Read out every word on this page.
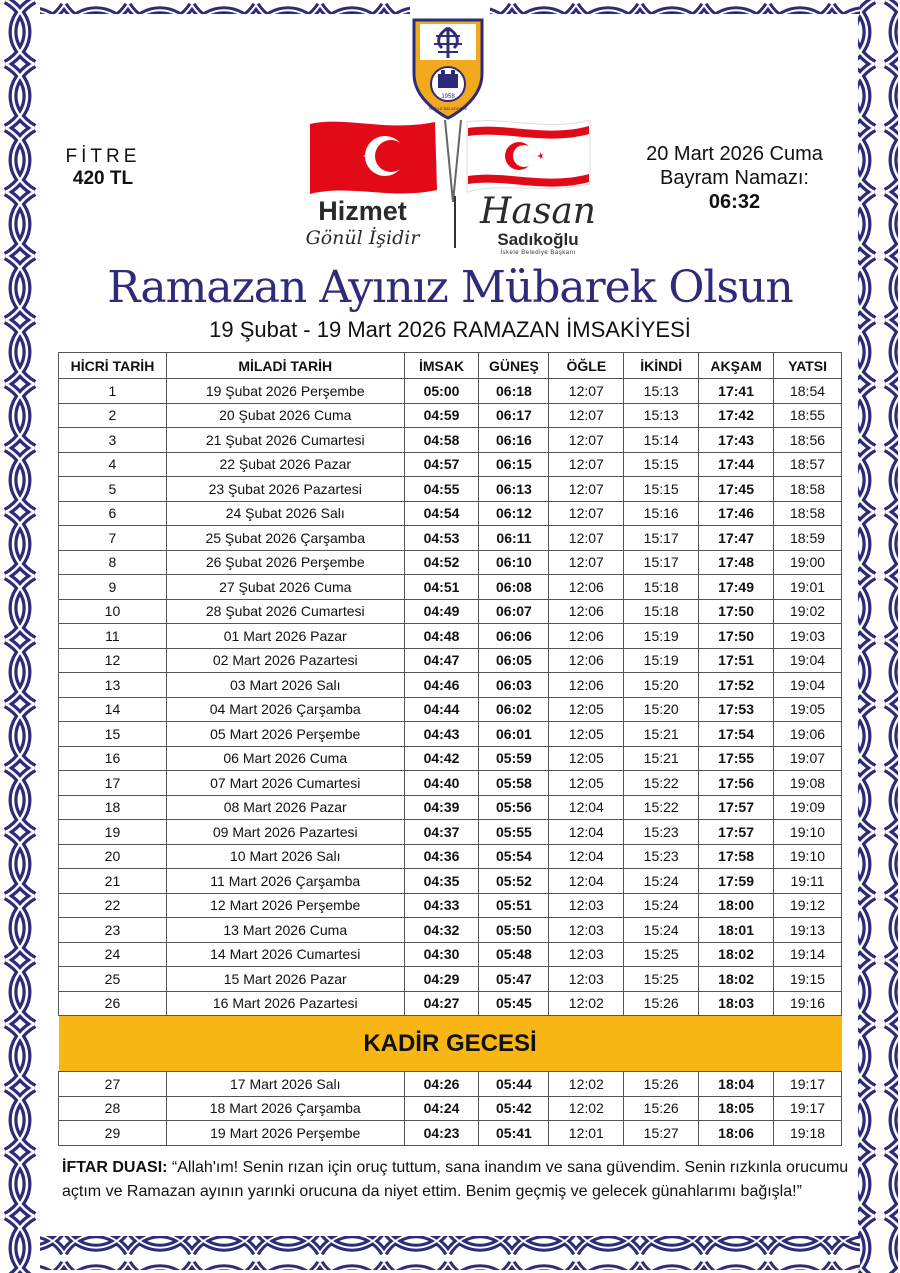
1958
İSKELE BELEDİYESİ
FİTRE
420 TL
20 Mart 2026 Cuma
Bayram Namazı:
06:32
Hizmet
Gönül İşidir
Hasan
Sadıkoğlu
İskele Belediye Başkanı
Ramazan Ayınız Mübarek Olsun
19 Şubat - 19 Mart 2026 RAMAZAN İMSAKİYESİ
HİCRİ TARİH	MİLADİ TARİH	İMSAK	GÜNEŞ	ÖĞLE	İKİNDİ	AKŞAM	YATSI
1	19 Şubat 2026 Perşembe	05:00	06:18	12:07	15:13	17:41	18:54
2	20 Şubat 2026 Cuma	04:59	06:17	12:07	15:13	17:42	18:55
3	21 Şubat 2026 Cumartesi	04:58	06:16	12:07	15:14	17:43	18:56
4	22 Şubat 2026 Pazar	04:57	06:15	12:07	15:15	17:44	18:57
5	23 Şubat 2026 Pazartesi	04:55	06:13	12:07	15:15	17:45	18:58
6	24 Şubat 2026 Salı	04:54	06:12	12:07	15:16	17:46	18:58
7	25 Şubat 2026 Çarşamba	04:53	06:11	12:07	15:17	17:47	18:59
8	26 Şubat 2026 Perşembe	04:52	06:10	12:07	15:17	17:48	19:00
9	27 Şubat 2026 Cuma	04:51	06:08	12:06	15:18	17:49	19:01
10	28 Şubat 2026 Cumartesi	04:49	06:07	12:06	15:18	17:50	19:02
11	01 Mart 2026 Pazar	04:48	06:06	12:06	15:19	17:50	19:03
12	02 Mart 2026 Pazartesi	04:47	06:05	12:06	15:19	17:51	19:04
13	03 Mart 2026 Salı	04:46	06:03	12:06	15:20	17:52	19:04
14	04 Mart 2026 Çarşamba	04:44	06:02	12:05	15:20	17:53	19:05
15	05 Mart 2026 Perşembe	04:43	06:01	12:05	15:21	17:54	19:06
16	06 Mart 2026 Cuma	04:42	05:59	12:05	15:21	17:55	19:07
17	07 Mart 2026 Cumartesi	04:40	05:58	12:05	15:22	17:56	19:08
18	08 Mart 2026 Pazar	04:39	05:56	12:04	15:22	17:57	19:09
19	09 Mart 2026 Pazartesi	04:37	05:55	12:04	15:23	17:57	19:10
20	10 Mart 2026 Salı	04:36	05:54	12:04	15:23	17:58	19:10
21	11 Mart 2026 Çarşamba	04:35	05:52	12:04	15:24	17:59	19:11
22	12 Mart 2026 Perşembe	04:33	05:51	12:03	15:24	18:00	19:12
23	13 Mart 2026 Cuma	04:32	05:50	12:03	15:24	18:01	19:13
24	14 Mart 2026 Cumartesi	04:30	05:48	12:03	15:25	18:02	19:14
25	15 Mart 2026 Pazar	04:29	05:47	12:03	15:25	18:02	19:15
26	16 Mart 2026 Pazartesi	04:27	05:45	12:02	15:26	18:03	19:16
KADİR GECESİ							
27	17 Mart 2026 Salı	04:26	05:44	12:02	15:26	18:04	19:17
28	18 Mart 2026 Çarşamba	04:24	05:42	12:02	15:26	18:05	19:17
29	19 Mart 2026 Perşembe	04:23	05:41	12:01	15:27	18:06	19:18
İFTAR DUASI: “Allah'ım! Senin rızan için oruç tuttum, sana inandım ve sana güvendim. Senin rızkınla orucumu açtım ve Ramazan ayının yarınki orucuna da niyet ettim. Benim geçmiş ve gelecek günahlarımı bağışla!”
